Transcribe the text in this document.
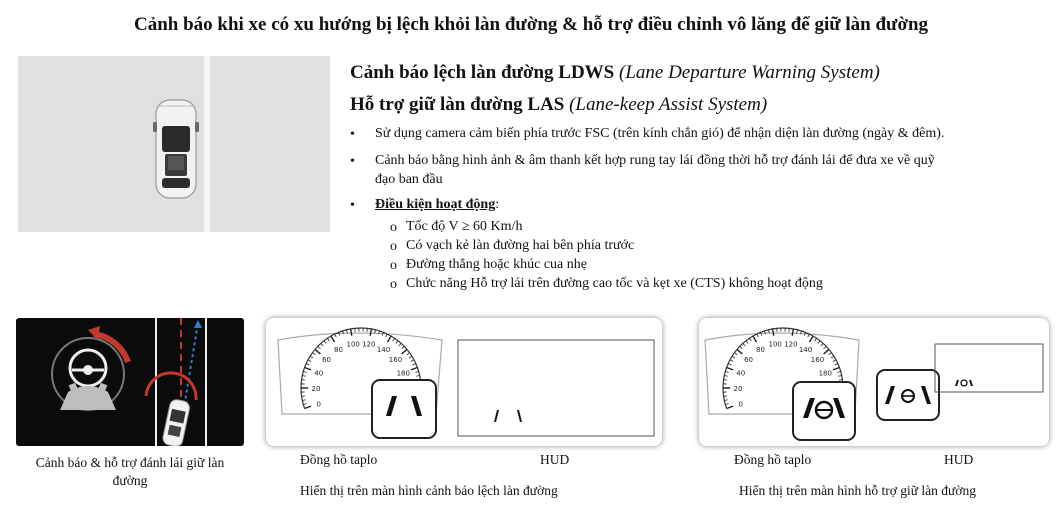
Cảnh báo khi xe có xu hướng bị lệch khỏi làn đường & hỗ trợ điều chỉnh vô lăng để giữ làn đường
Cảnh báo lệch làn đường LDWS (Lane Departure Warning System)
Hỗ trợ giữ làn đường LAS (Lane-keep Assist System)
• Sử dụng camera cảm biến phía trước FSC (trên kính chắn gió) để nhận diện làn đường (ngày & đêm).
• Cảnh báo bằng hình ảnh & âm thanh kết hợp rung tay lái đồng thời hỗ trợ đánh lái để đưa xe về quỹ
đạo ban đầu
• Điều kiện hoạt động:
o Tốc độ V ≥ 60 Km/h
o Có vạch kẻ làn đường hai bên phía trước
o Đường thẳng hoặc khúc cua nhẹ
o Chức năng Hỗ trợ lái trên đường cao tốc và kẹt xe (CTS) không hoạt động
Cảnh báo & hỗ trợ đánh lái giữ làn
đường
0
20
40
60
80
100 120
140
160
180
0
20
40
60
80
100 120
140
160
180
Đồng hồ taplo	HUD	Đồng hồ taplo	HUD
Hiển thị trên màn hình cảnh báo lệch làn đường	Hiển thị trên màn hình hỗ trợ giữ làn đường
